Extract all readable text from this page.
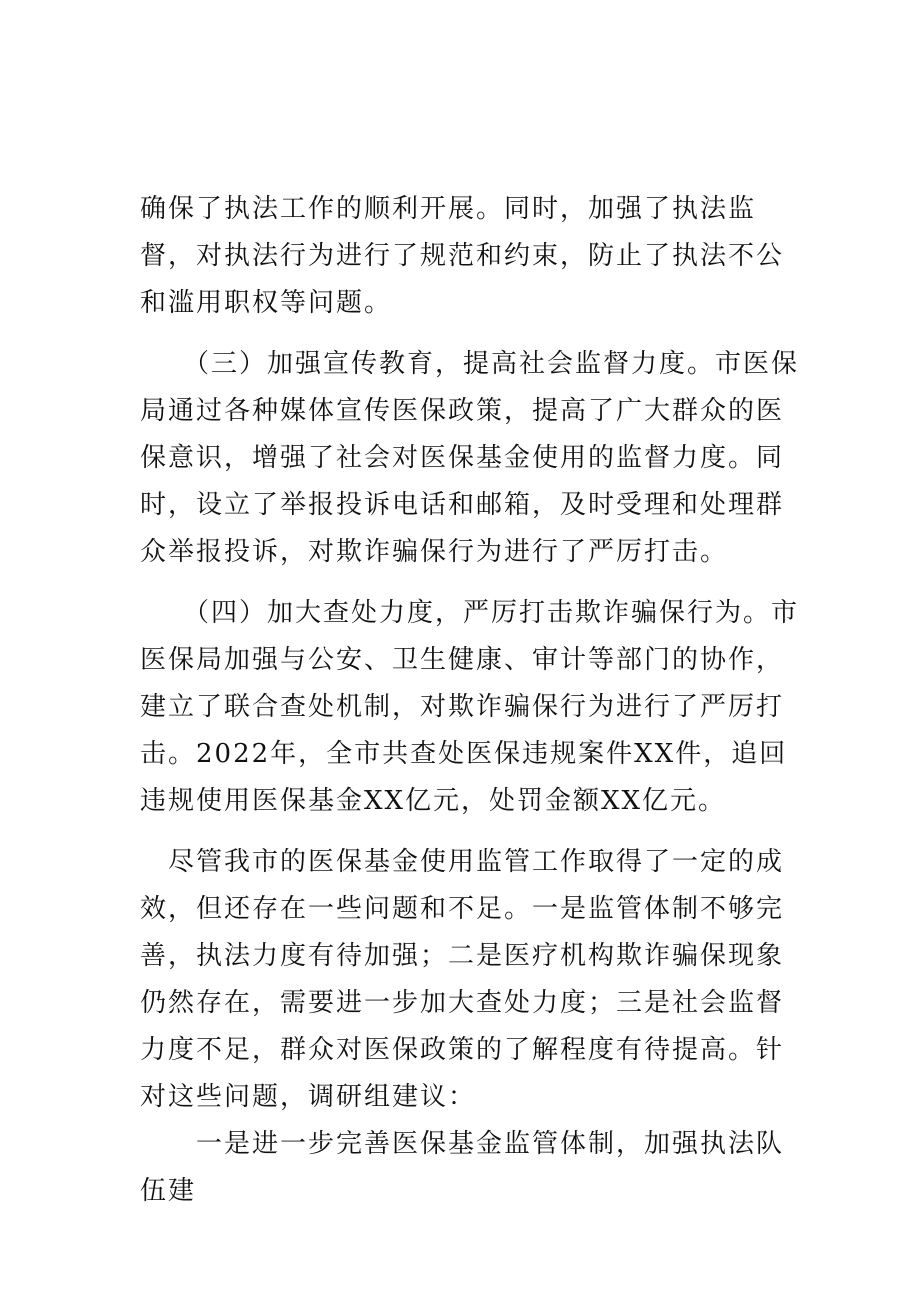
确保了执法工作的顺利开展。同时，加强了执法监督，对执法行为进行了规范和约束，防止了执法不公和滥用职权等问题。

　　（三）加强宣传教育，提高社会监督力度。市医保局通过各种媒体宣传医保政策，提高了广大群众的医保意识，增强了社会对医保基金使用的监督力度。同时，设立了举报投诉电话和邮箱，及时受理和处理群众举报投诉，对欺诈骗保行为进行了严厉打击。

　　（四）加大查处力度，严厉打击欺诈骗保行为。市医保局加强与公安、卫生健康、审计等部门的协作，建立了联合查处机制，对欺诈骗保行为进行了严厉打击。2022年，全市共查处医保违规案件XX件，追回违规使用医保基金XX亿元，处罚金额XX亿元。

　尽管我市的医保基金使用监管工作取得了一定的成效，但还存在一些问题和不足。一是监管体制不够完善，执法力度有待加强；二是医疗机构欺诈骗保现象仍然存在，需要进一步加大查处力度；三是社会监督力度不足，群众对医保政策的了解程度有待提高。针对这些问题，调研组建议：

　　一是进一步完善医保基金监管体制，加强执法队伍建
